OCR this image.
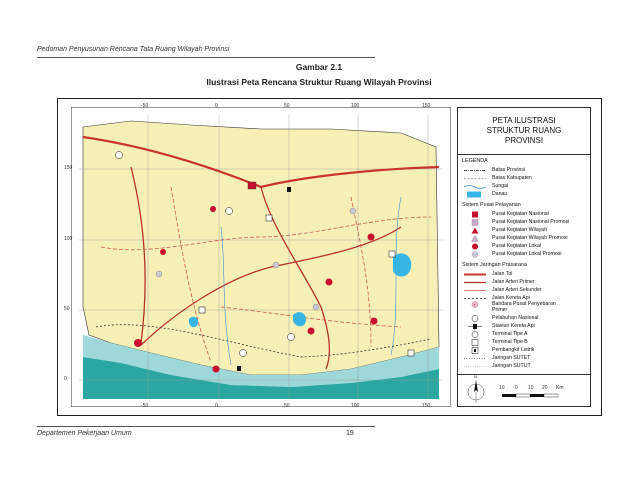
Pedoman Penyusunan Rencana Tata Ruang Wilayah Provinsi
Gambar 2.1
Ilustrasi Peta Rencana Struktur Ruang Wilayah Provinsi
-50	0	50	100	150
-50	0	50	100	150
150
100
50
0
PETA ILUSTRASI
STRUKTUR RUANG
PROVINSI
LEGENDA
Batas Provinsi
Batas Kabupaten
Sungai
Danau
Sistem Pusat Pelayanan
Pusat Kegiatan Nasional
Pusat Kegiatan Nasional Promosi
Pusat Kegiatan Wilayah
Pusat Kegiatan Wilayah Promosi
Pusat Kegiatan Lokal
Pusat Kegiatan Lokal Promosi
Sistem Jaringan Prasarana
Jalan Tol
Jalan Arteri Primer
Jalan Arteri Sekunder
Jalan Kereta Api
+	Bandara Pusat Penyebaran
Primer
Pelabuhan Nasional
Stasiun Kereta Api
Terminal Tipe A
Terminal Tipe B
Pembangkit Listrik
Jaringan SUTET
Jaringan SUTUT
N
10 0 10 20 Km
Departemen Pekerjaan Umum	19
